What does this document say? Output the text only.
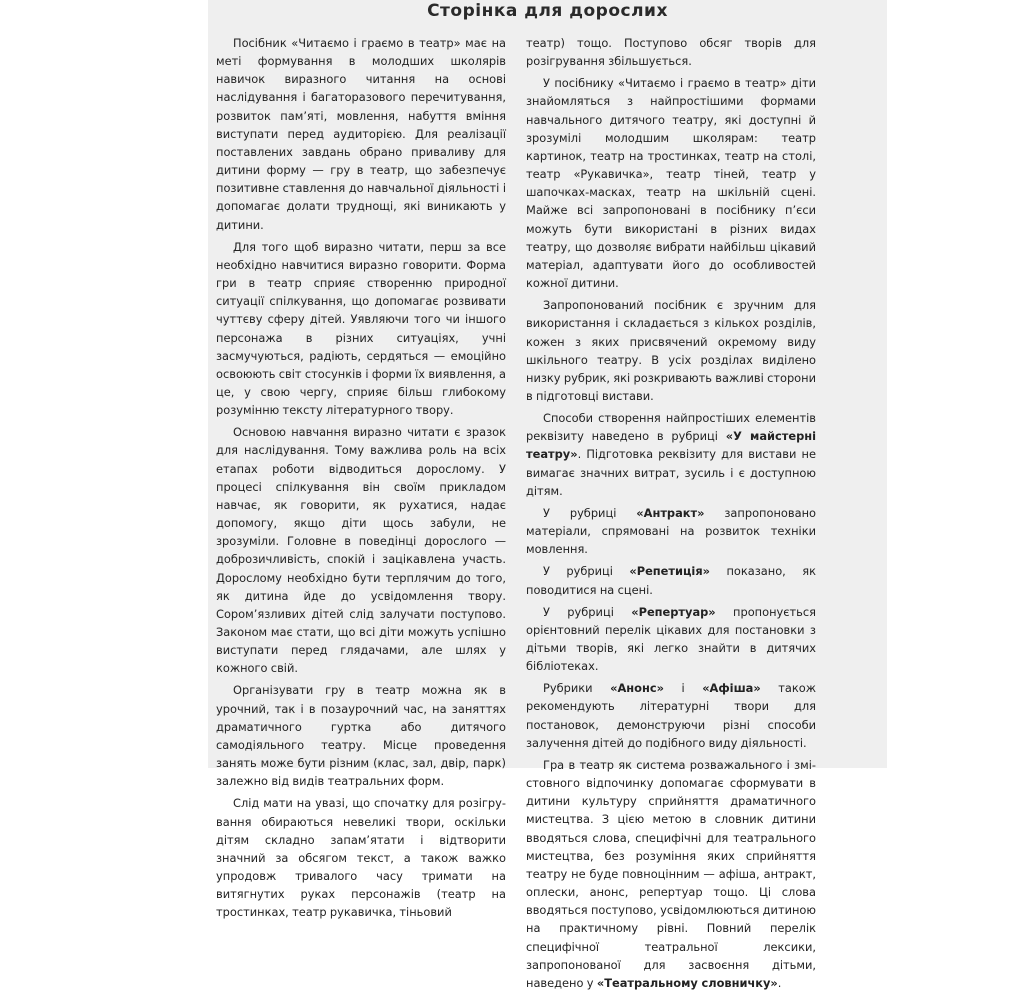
Сторінка для дорослих

Посібник «Читаємо і граємо в театр» має на меті формування в молодших школярів навичок виразного читання на основі наслідування і багаторазового перечитування, розвиток пам’яті, мовлення, набуття вміння виступати перед аудиторією. Для реалізації поставлених завдань обрано приваливу для дитини форму — гру в театр, що забезпечує позитивне ставлення до навчальної діяльності і допомагає долати труднощі, які виникають у дитини.

Для того щоб виразно читати, перш за все необхідно навчитися виразно говорити. Форма гри в театр сприяє створенню природної ситуації спілкування, що допомагає розвивати чуттєву сферу дітей. Уявляючи того чи іншого персонажа в різних ситуаціях, учні засмучуються, радіють, сердяться — емоційно освоюють світ стосунків і форми їх виявлення, а це, у свою чергу, сприяє більш глибокому розумінню тексту літературного твору.

Основою навчання виразно читати є зразок для наслідування. Тому важлива роль на всіх етапах роботи відводиться дорослому. У процесі спілкування він своїм прикладом навчає, як говорити, як рухатися, надає допомогу, якщо діти щось забули, не зрозуміли. Головне в поведінці дорослого — доброзичливість, спокій і зацікавлена участь. Дорослому необхідно бути терплячим до того, як дитина йде до усвідомлення твору. Сором’язливих дітей слід залучати поступово. Законом має стати, що всі діти можуть успішно виступати перед глядачами, але шлях у кожного свій.

Організувати гру в театр можна як в урочний, так і в позаурочний час, на заняттях драматичного гуртка або дитячого самодіяльного театру. Місце проведення занять може бути різним (клас, зал, двір, парк) залежно від видів театральних форм.

Слід мати на увазі, що спочатку для розігрування обираються невеликі твори, оскільки дітям складно запам’ятати і відтворити значний за обсягом текст, а також важко упродовж тривалого часу тримати на витягнутих руках персонажів (театр на тростинках, театр рукавичка, тіньовий

театр) тощо. Поступово обсяг творів для розігрування збільшується.

У посібнику «Читаємо і граємо в театр» діти знайомляться з найпростішими формами навчального дитячого театру, які доступні й зрозумілі молодшим школярам: театр картинок, театр на тростинках, театр на столі, театр «Рукавичка», театр тіней, театр у шапочках-масках, театр на шкільній сцені. Майже всі запропоновані в посібнику п’єси можуть бути використані в різних видах театру, що дозволяє вибрати найбільш цікавий матеріал, адаптувати його до особливостей кожної дитини.

Запропонований посібник є зручним для використання і складається з кількох розділів, кожен з яких присвячений окремому виду шкільного театру. В усіх розділах виділено низку рубрик, які розкривають важливі сторони в підготовці вистави.

Способи створення найпростіших елементів реквізиту наведено в рубриці «У майстерні театру». Підготовка реквізиту для вистави не вимагає значних витрат, зусиль і є доступною дітям.

У рубриці «Антракт» запропоновано матеріали, спрямовані на розвиток техніки мовлення.

У рубриці «Репетиція» показано, як поводитися на сцені.

У рубриці «Репертуар» пропонується орієнтовний перелік цікавих для постановки з дітьми творів, які легко знайти в дитячих бібліотеках.

Рубрики «Анонс» і «Афіша» також рекомендують літературні твори для постановок, демонструючи різні способи залучення дітей до подібного виду діяльності.

Гра в театр як система розважального і змістовного відпочинку допомагає сформувати в дитини культуру сприйняття драматичного мистецтва. З цією метою в словник дитини вводяться слова, специфічні для театрального мистецтва, без розуміння яких сприйняття театру не буде повноцінним — афіша, антракт, оплески, анонс, репертуар тощо. Ці слова вводяться поступово, усвідомлюються дитиною на практичному рівні. Повний перелік специфічної театральної лексики, запропонованої для засвоєння дітьми, наведено у «Театральному словничку».
